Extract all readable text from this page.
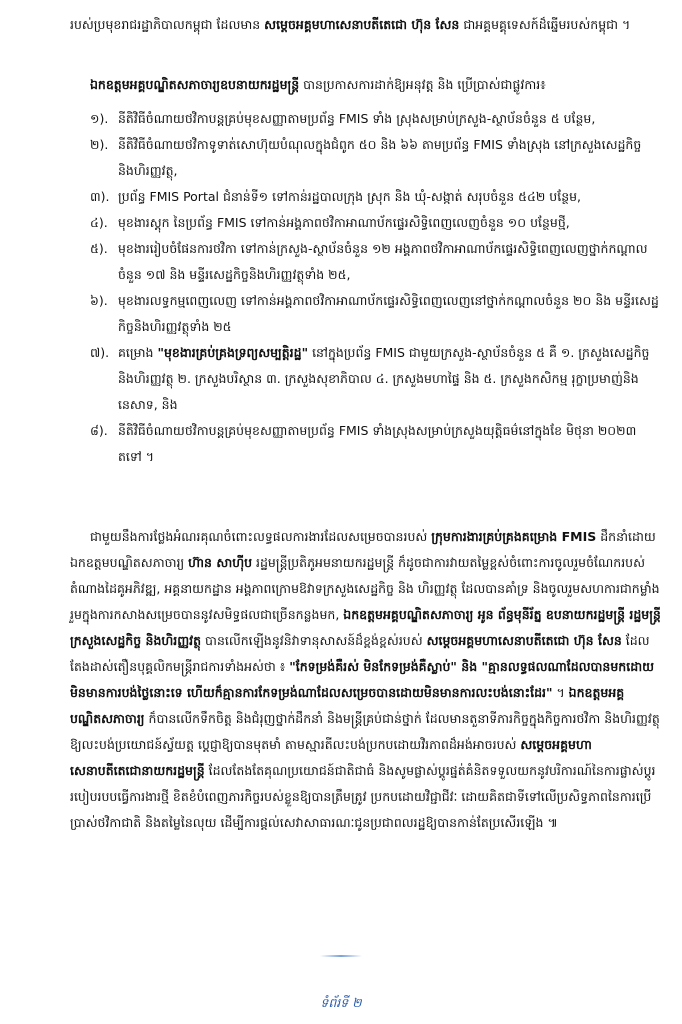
របស់ប្រមុខរាជរដ្ឋាភិបាលកម្ពុជា ដែលមាន សម្តេចអគ្គមហាសេនាបតីតេជោ ហ៊ុន សែន ជាអគ្គមគ្គុទេសក៍ដ៏ឆ្នើមរបស់កម្ពុជា ។
ឯកឧត្តមអគ្គបណ្ឌិតសភាចារ្យឧបនាយករដ្ឋមន្ត្រី បានប្រកាសការដាក់ឱ្យអនុវត្ត និង ប្រើប្រាស់ជាផ្លូវការ៖
១). នីតិវិធីចំណាយថវិកាបន្តគ្រប់មុខសញ្ញាតាមប្រព័ន្ធ FMIS ទាំង ស្រុងសម្រាប់ក្រសួង-ស្ថាប័នចំនួន ៥ បន្ថែម,
២). នីតិវិធីចំណាយថវិកាទូទាត់សោហ៊ុយបំណុលក្នុងជំពូក ៥០ និង ៦៦ តាមប្រព័ន្ធ FMIS ទាំងស្រុង នៅក្រសួងសេដ្ឋកិច្ចនិងហិរញ្ញវត្ថុ,
៣). ប្រព័ន្ធ FMIS Portal ជំនាន់ទី១ ទៅកាន់រដ្ឋបាលក្រុង ស្រុក និង ឃុំ-សង្កាត់ សរុបចំនួន ៥៤២ បន្ថែម,
៤). មុខងារស្តុក នៃប្រព័ន្ធ FMIS ទៅកាន់អង្គភាពថវិកាអាណាប័កផ្ទេរសិទ្ធិពេញលេញចំនួន ១០ បន្ថែមថ្មី,
៥). មុខងាររៀបចំផែនការថវិកា ទៅកាន់ក្រសួង-ស្ថាប័នចំនួន ១២ អង្គភាពថវិកាអាណាប័កផ្ទេរសិទ្ធិពេញលេញថ្នាក់កណ្តាលចំនួន ១៧ និង មន្ទីរសេដ្ឋកិច្ចនិងហិរញ្ញវត្ថុទាំង ២៥,
៦). មុខងារលទ្ធកម្មពេញលេញ ទៅកាន់អង្គភាពថវិកាអាណាប័កផ្ទេរសិទ្ធិពេញលេញនៅថ្នាក់កណ្តាលចំនួន ២០ និង មន្ទីរសេដ្ឋកិច្ចនិងហិរញ្ញវត្ថុទាំង ២៥
៧). គម្រោង "មុខងារគ្រប់គ្រងទ្រព្យសម្បត្តិរដ្ឋ" នៅក្នុងប្រព័ន្ធ FMIS ជាមួយក្រសួង-ស្ថាប័នចំនួន ៥ គឺ ១. ក្រសួងសេដ្ឋកិច្ចនិងហិរញ្ញវត្ថុ ២. ក្រសួងបរិស្ថាន ៣. ក្រសួងសុខាភិបាល ៤. ក្រសួងមហាផ្ទៃ និង ៥. ក្រសួងកសិកម្ម រុក្ខាប្រមាញ់និងនេសាទ, និង
៨). នីតិវិធីចំណាយថវិកាបន្តគ្រប់មុខសញ្ញាតាមប្រព័ន្ធ FMIS ទាំងស្រុងសម្រាប់ក្រសួងយុត្តិធម៌នៅក្នុងខែ មិថុនា ២០២៣ តទៅ ។
ជាមួយនឹងការថ្លែងអំណរគុណចំពោះលទ្ធផលការងារដែលសម្រេចបានរបស់ ក្រុមការងារគ្រប់គ្រងគម្រោង FMIS ដឹកនាំដោយឯកឧត្តមបណ្ឌិតសភាចារ្យ ហ៊ាន សាហ៊ីប រដ្ឋមន្ត្រីប្រតិភូអមនាយករដ្ឋមន្ត្រី ក៏ដូចជាការវាយតម្លៃខ្ពស់ចំពោះការចូលរួមចំណែករបស់តំណាងដៃគូអភិវឌ្ឍ, អគ្គនាយកដ្ឋាន អង្គភាពក្រោមឱវាទក្រសួងសេដ្ឋកិច្ច និង ហិរញ្ញវត្ថុ ដែលបានគាំទ្រ និងចូលរួមសហការជាកម្លាំងរួមក្នុងការកសាងសម្រេចបាននូវសមិទ្ធផលជាច្រើនកន្លងមក, ឯកឧត្តមអគ្គបណ្ឌិតសភាចារ្យ អូន ព័ន្ធមុនីរ័ត្ន ឧបនាយករដ្ឋមន្ត្រី រដ្ឋមន្ត្រីក្រសួងសេដ្ឋកិច្ច និងហិរញ្ញវត្ថុ បានលើកឡើងនូវនិវាទានុសាសន៍ដ៏ខ្ពង់ខ្ពស់របស់ សម្តេចអគ្គមហាសេនាបតីតេជោ ហ៊ុន សែន ដែលតែងដាស់តឿនបុគ្គលិកមន្ត្រីរាជការទាំងអស់ថា ៖ "កែទម្រង់គឺរស់ មិនកែទម្រង់គឺស្លាប់" និង "គ្មានលទ្ធផលណាដែលបានមកដោយមិនមានការបង់ថ្លៃនោះទេ ហើយក៏គ្មានការកែទម្រង់ណាដែលសម្រេចបានដោយមិនមានការលះបង់នោះដែរ" ។ ឯកឧត្តមអគ្គបណ្ឌិតសភាចារ្យ ក៏បានលើកទឹកចិត្ត និងជំរុញថ្នាក់ដឹកនាំ និងមន្ត្រីគ្រប់ជាន់ថ្នាក់ ដែលមានតួនាទីភារកិច្ចក្នុងកិច្ចការថវិកា និងហិរញ្ញវត្ថុ ឱ្យលះបង់ប្រយោជន៍ស្វ័យត្ត ប្តេជ្ញាឱ្យបានមុតមាំ តាមស្មារតីលះបង់ប្រកបដោយវិរភាពដ៏អង់អាចរបស់ សម្តេចអគ្គមហាសេនាបតីតេជោនាយករដ្ឋមន្ត្រី ដែលតែងតែគុណប្រយោជន៍ជាតិជាធំ និងសូមផ្លាស់ប្តូរផ្នត់គំនិតទទួលយកនូវបរិការណ៍នៃការផ្លាស់ប្តូររបៀបរបបធ្វើការងារថ្មី ខិតខំបំពេញភារកិច្ចរបស់ខ្លួនឱ្យបានត្រឹមត្រូវ ប្រកបដោយវិជ្ជាជីវៈ ដោយគិតជាទីទៅលើប្រសិទ្ធភាពនៃការប្រើប្រាស់ថវិកាជាតិ និងតម្លៃនៃលុយ ដើម្បីការផ្តល់សេវាសាធារណៈជូនប្រជាពលរដ្ឋឱ្យបានកាន់តែប្រសើរឡើង ៕
ទំព័រទី ២
